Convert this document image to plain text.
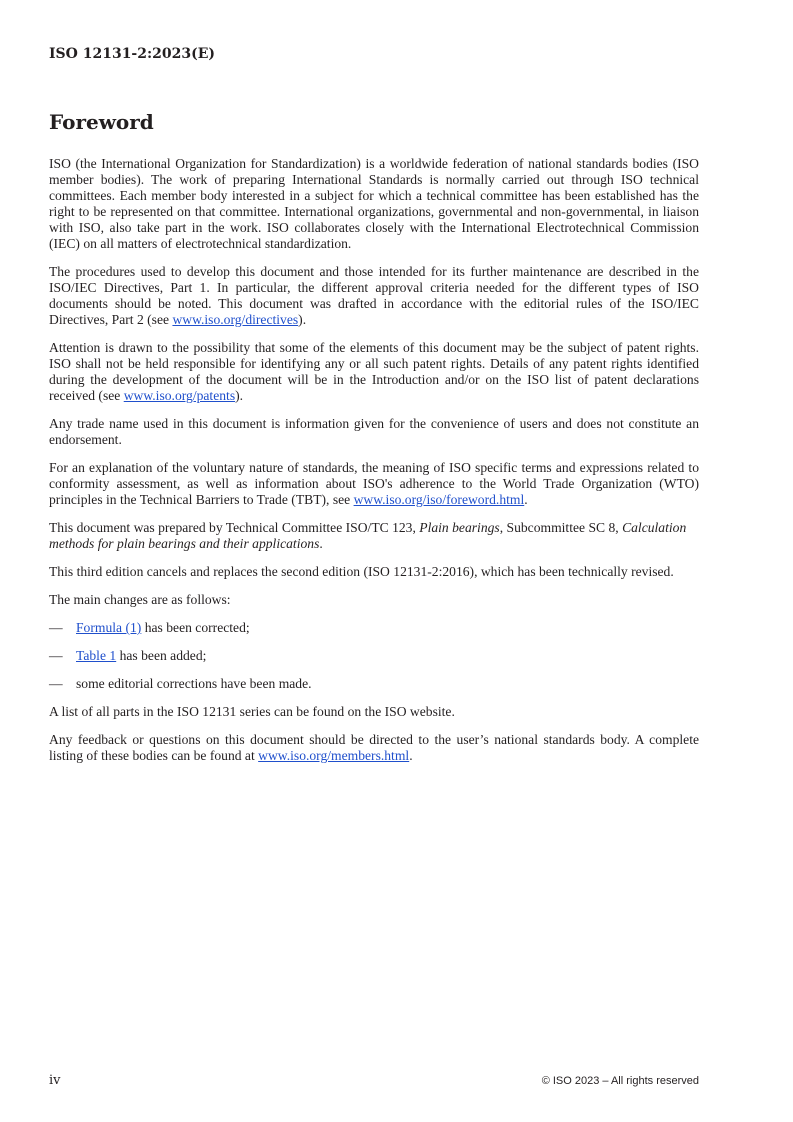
ISO 12131-2:2023(E)
Foreword

ISO (the International Organization for Standardization) is a worldwide federation of national standards bodies (ISO member bodies). The work of preparing International Standards is normally carried out through ISO technical committees. Each member body interested in a subject for which a technical committee has been established has the right to be represented on that committee. International organizations, governmental and non-governmental, in liaison with ISO, also take part in the work. ISO collaborates closely with the International Electrotechnical Commission (IEC) on all matters of electrotechnical standardization.

The procedures used to develop this document and those intended for its further maintenance are described in the ISO/IEC Directives, Part 1. In particular, the different approval criteria needed for the different types of ISO documents should be noted. This document was drafted in accordance with the editorial rules of the ISO/IEC Directives, Part 2 (see www.iso.org/directives).

Attention is drawn to the possibility that some of the elements of this document may be the subject of patent rights. ISO shall not be held responsible for identifying any or all such patent rights. Details of any patent rights identified during the development of the document will be in the Introduction and/or on the ISO list of patent declarations received (see www.iso.org/patents).

Any trade name used in this document is information given for the convenience of users and does not constitute an endorsement.

For an explanation of the voluntary nature of standards, the meaning of ISO specific terms and expressions related to conformity assessment, as well as information about ISO's adherence to the World Trade Organization (WTO) principles in the Technical Barriers to Trade (TBT), see www.iso.org/iso/foreword.html.

This document was prepared by Technical Committee ISO/TC 123, Plain bearings, Subcommittee SC 8, Calculation methods for plain bearings and their applications.

This third edition cancels and replaces the second edition (ISO 12131-2:2016), which has been technically revised.

The main changes are as follows:

— Formula (1) has been corrected;
— Table 1 has been added;
— some editorial corrections have been made.

A list of all parts in the ISO 12131 series can be found on the ISO website.

Any feedback or questions on this document should be directed to the user’s national standards body. A complete listing of these bodies can be found at www.iso.org/members.html.

iv	© ISO 2023 – All rights reserved
